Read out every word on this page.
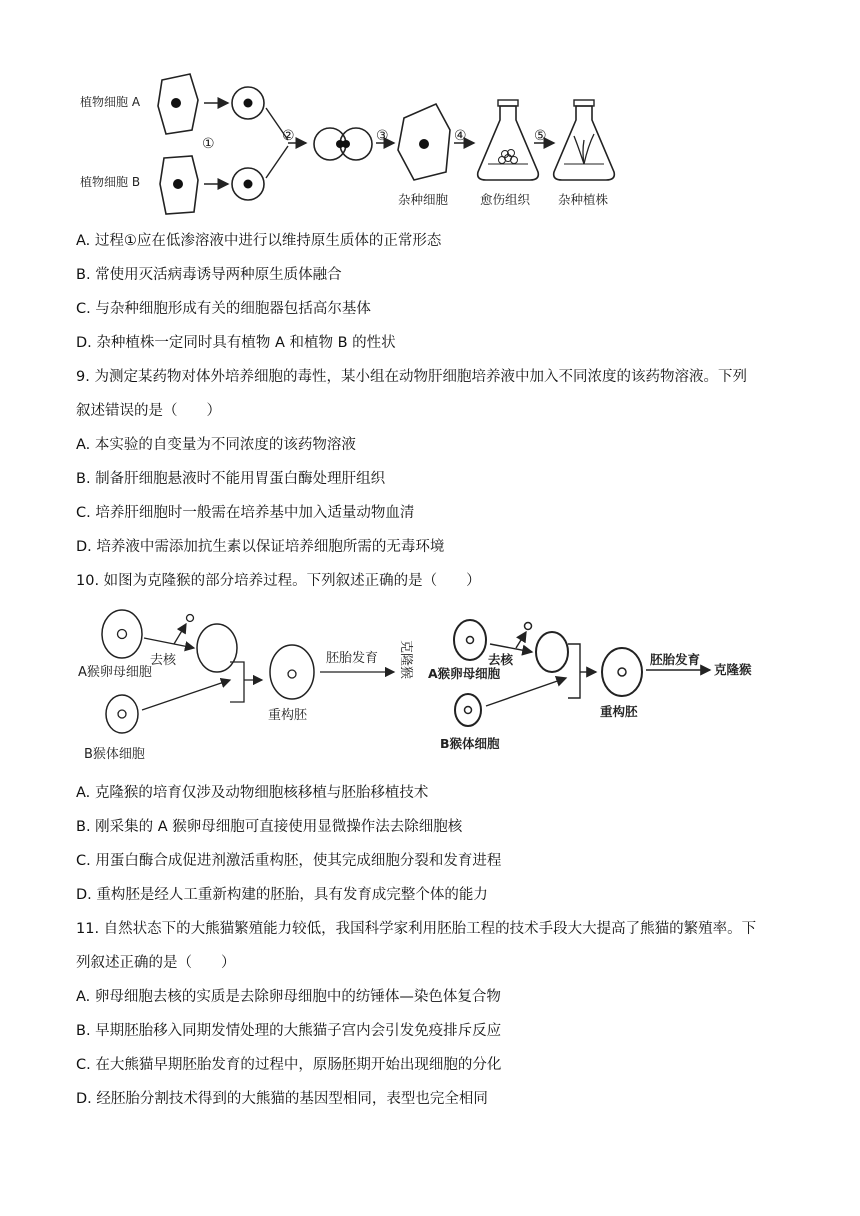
植物细胞 A
植物细胞 B
①	②	③
杂种细胞
④
愈伤组织
⑤
杂种植株
A. 过程①应在低渗溶液中进行以维持原生质体的正常形态
B. 常使用灭活病毒诱导两种原生质体融合
C. 与杂种细胞形成有关的细胞器包括高尔基体
D. 杂种植株一定同时具有植物 A 和植物 B 的性状
9. 为测定某药物对体外培养细胞的毒性，某小组在动物肝细胞培养液中加入不同浓度的该药物溶液。下列
叙述错误的是（　　）
A. 本实验的自变量为不同浓度的该药物溶液
B. 制备肝细胞悬液时不能用胃蛋白酶处理肝组织
C. 培养肝细胞时一般需在培养基中加入适量动物血清
D. 培养液中需添加抗生素以保证培养细胞所需的无毒环境
10. 如图为克隆猴的部分培养过程。下列叙述正确的是（　　）
A猴卵母细胞
去核
B猴体细胞
重构胚
胚胎发育 克隆猴 A猴卵母细胞
去核
B猴体细胞
重构胚
胚胎发育
克隆猴
A. 克隆猴的培育仅涉及动物细胞核移植与胚胎移植技术
B. 刚采集的 A 猴卵母细胞可直接使用显微操作法去除细胞核
C. 用蛋白酶合成促进剂激活重构胚，使其完成细胞分裂和发育进程
D. 重构胚是经人工重新构建的胚胎，具有发育成完整个体的能力
11. 自然状态下的大熊猫繁殖能力较低，我国科学家利用胚胎工程的技术手段大大提高了熊猫的繁殖率。下
列叙述正确的是（　　）
A. 卵母细胞去核的实质是去除卵母细胞中的纺锤体—染色体复合物
B. 早期胚胎移入同期发情处理的大熊猫子宫内会引发免疫排斥反应
C. 在大熊猫早期胚胎发育的过程中，原肠胚期开始出现细胞的分化
D. 经胚胎分割技术得到的大熊猫的基因型相同，表型也完全相同
